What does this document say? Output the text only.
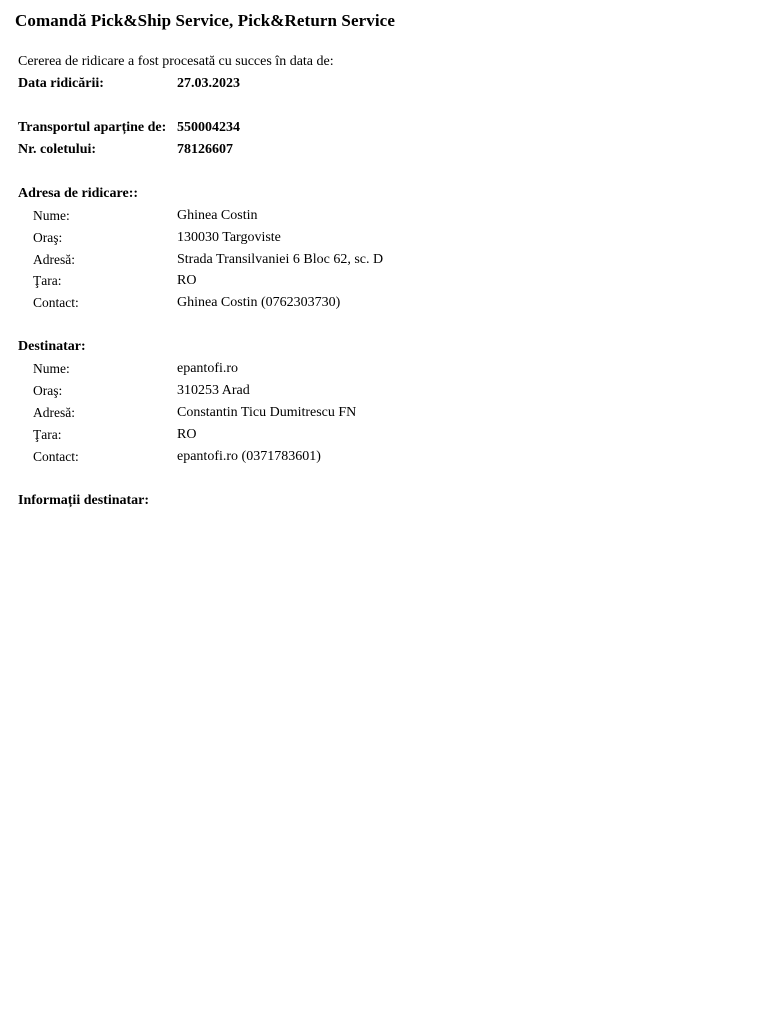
Comandă Pick&Ship Service, Pick&Return Service
Cererea de ridicare a fost procesată cu succes în data de:
Data ridicării:	27.03.2023
Transportul aparține de: 550004234
Nr. coletului:	78126607
Adresa de ridicare::
Nume:	Ghinea Costin
Oraş:	130030 Targoviste
Adresă:	Strada Transilvaniei 6 Bloc 62, sc. D
Ţara:	RO
Contact:	Ghinea Costin (0762303730)
Destinatar:
Nume:	epantofi.ro
Oraş:	310253 Arad
Adresă:	Constantin Ticu Dumitrescu FN
Ţara:	RO
Contact:	epantofi.ro (0371783601)
Informații destinatar:
